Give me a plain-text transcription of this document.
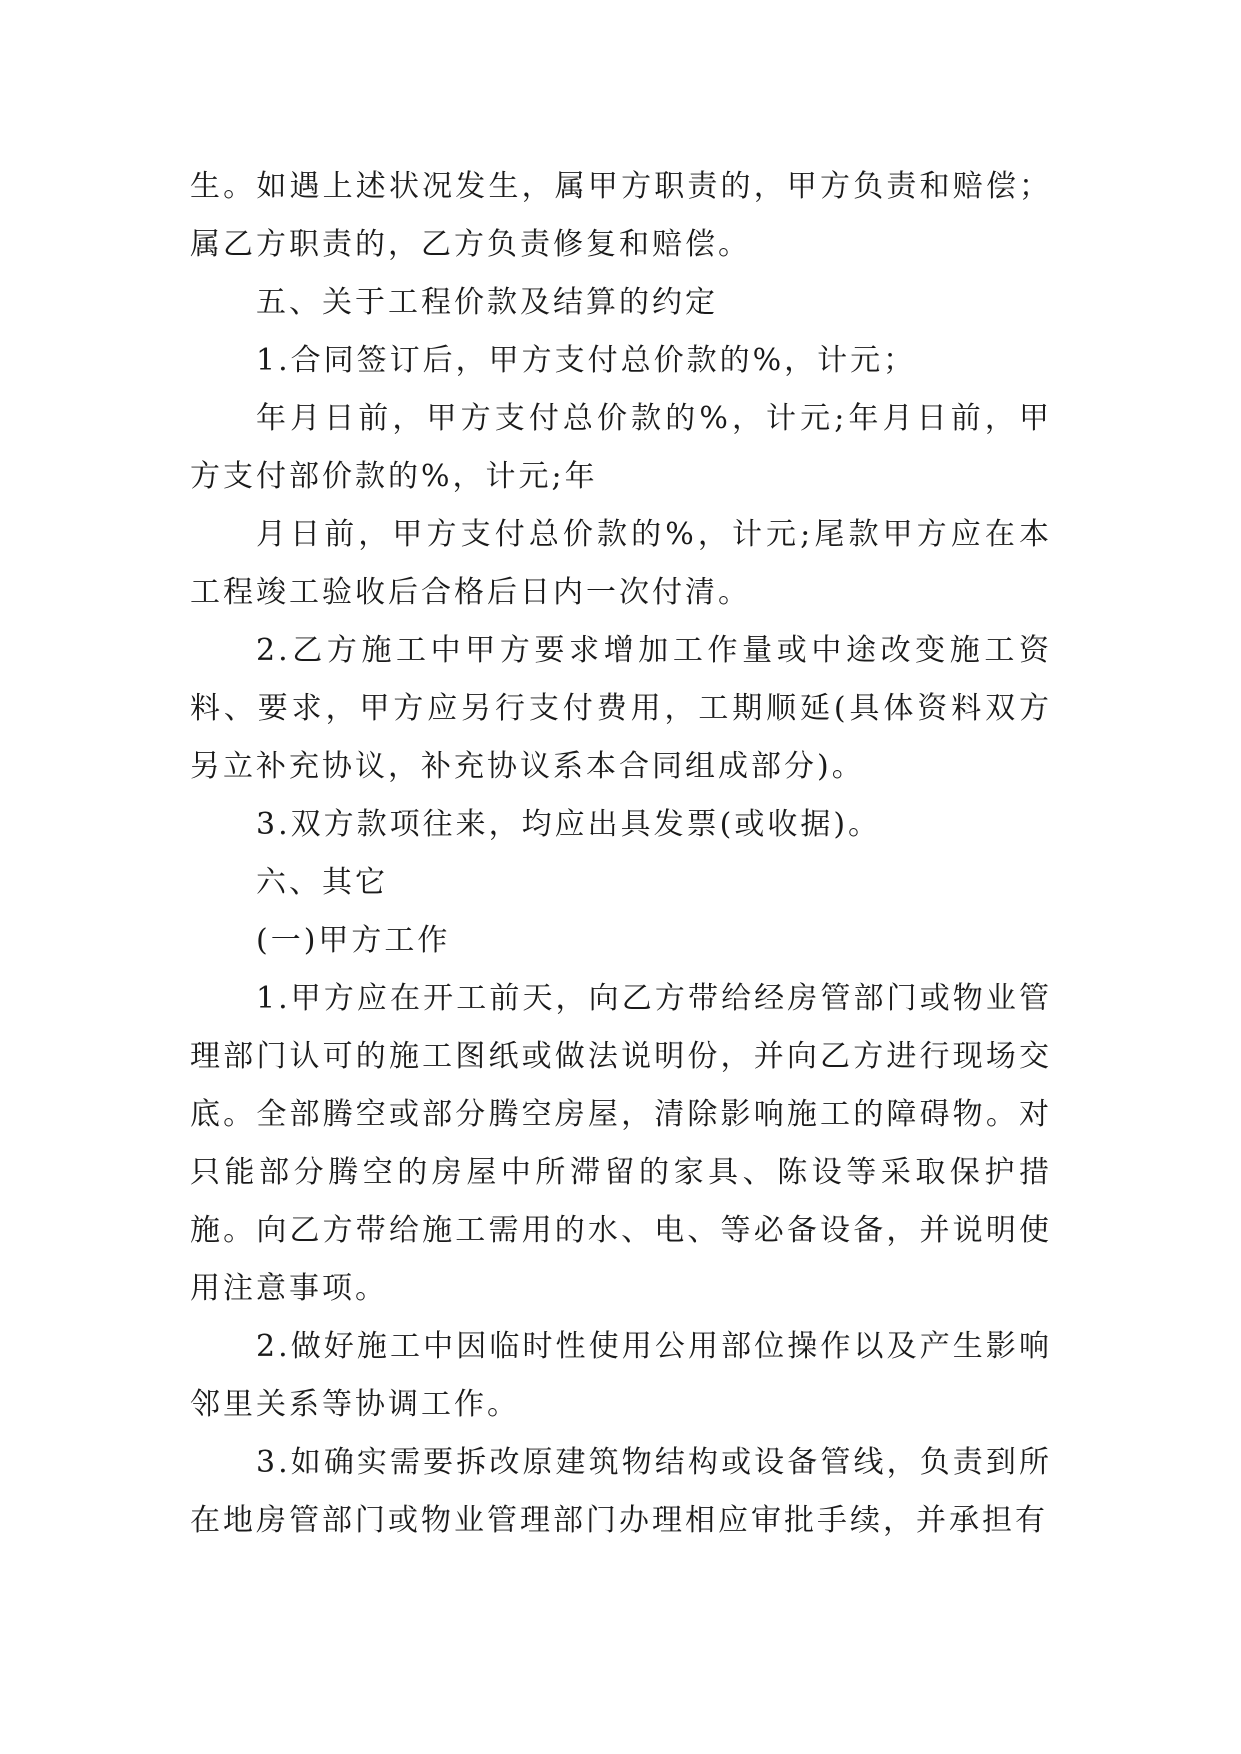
生。如遇上述状况发生，属甲方职责的，甲方负责和赔偿；属乙方职责的，乙方负责修复和赔偿。

五、关于工程价款及结算的约定

1.合同签订后，甲方支付总价款的%，计元；

年月日前，甲方支付总价款的%，计元;年月日前，甲方支付部价款的%，计元;年

月日前，甲方支付总价款的%，计元;尾款甲方应在本工程竣工验收后合格后日内一次付清。

2.乙方施工中甲方要求增加工作量或中途改变施工资料、要求，甲方应另行支付费用，工期顺延(具体资料双方另立补充协议，补充协议系本合同组成部分)。

3.双方款项往来，均应出具发票(或收据)。

六、其它

(一)甲方工作

1.甲方应在开工前天，向乙方带给经房管部门或物业管理部门认可的施工图纸或做法说明份，并向乙方进行现场交底。全部腾空或部分腾空房屋，清除影响施工的障碍物。对只能部分腾空的房屋中所滞留的家具、陈设等采取保护措施。向乙方带给施工需用的水、电、等必备设备，并说明使用注意事项。

2.做好施工中因临时性使用公用部位操作以及产生影响邻里关系等协调工作。

3.如确实需要拆改原建筑物结构或设备管线，负责到所在地房管部门或物业管理部门办理相应审批手续，并承担有
